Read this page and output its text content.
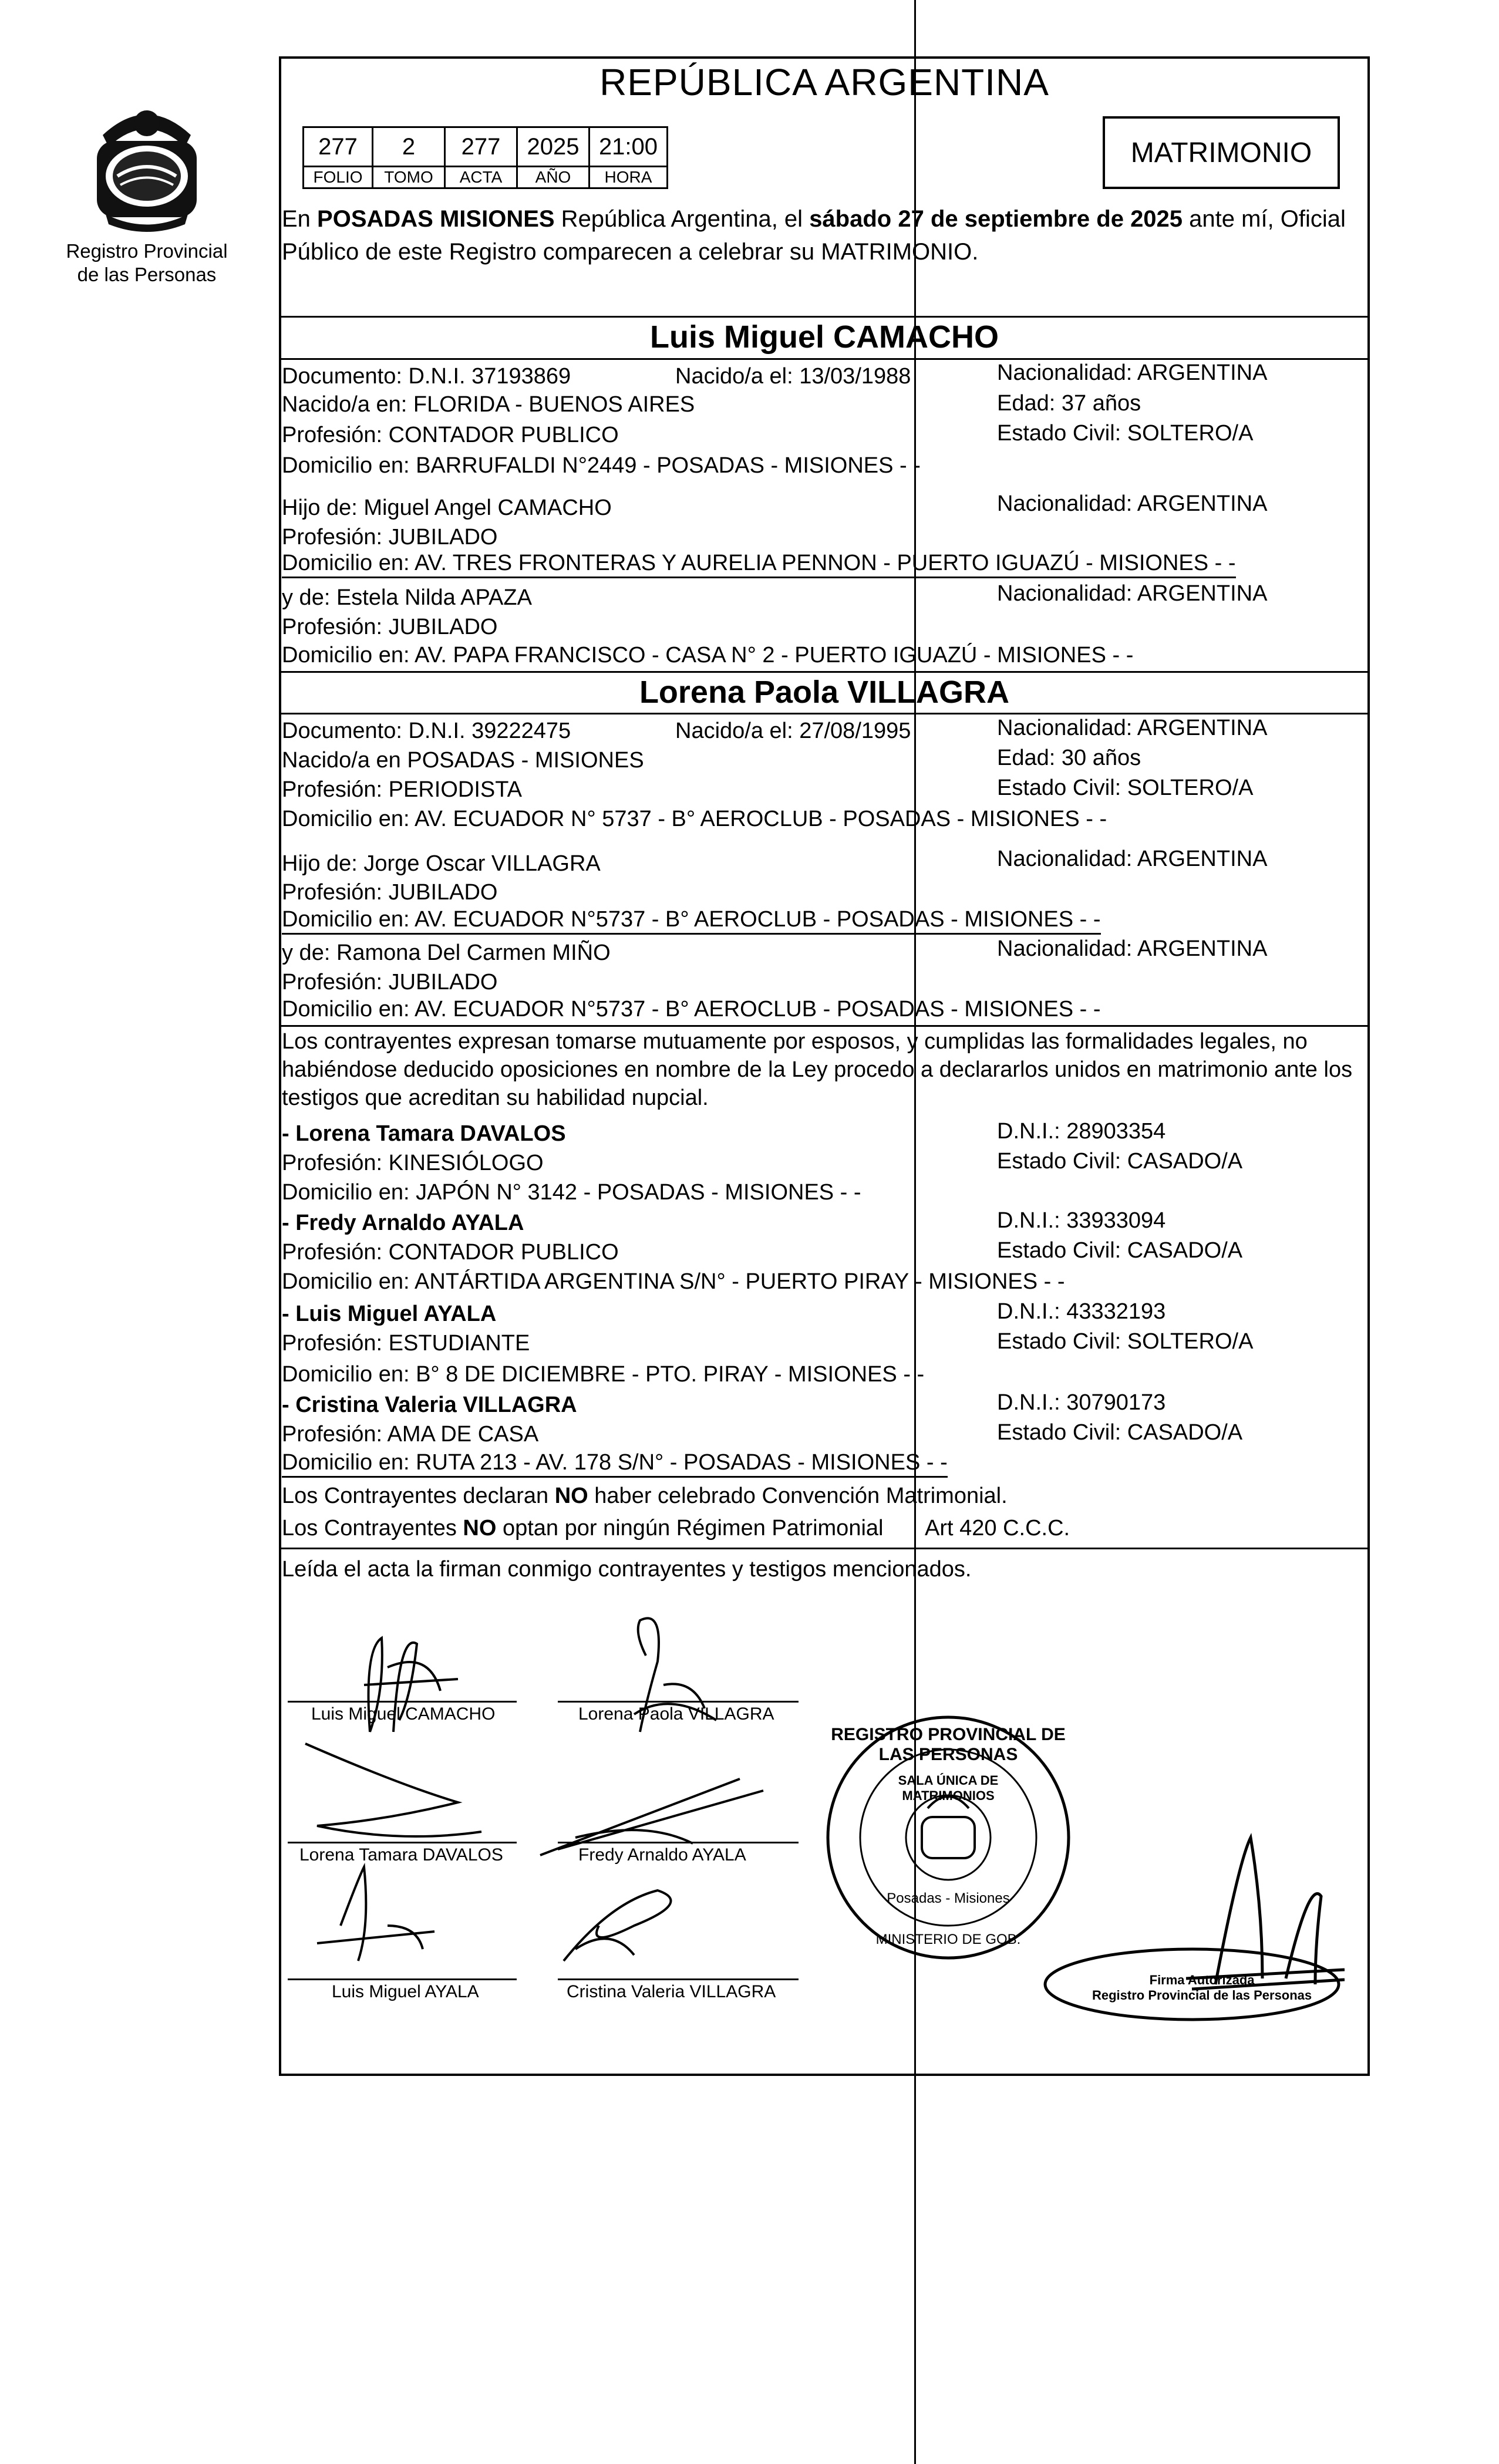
Registro Provincial
de las Personas
REPÚBLICA ARGENTINA
277	2	277	2025	21:00
FOLIO	TOMO	ACTA	AÑO	HORA
MATRIMONIO
En POSADAS MISIONES República Argentina, el sábado 27 de septiembre de 2025 ante mí, Oficial Público de este Registro comparecen a celebrar su MATRIMONIO.
Luis Miguel CAMACHO
Documento: D.N.I. 37193869	Nacido/a el: 13/03/1988	Nacionalidad: ARGENTINA
Nacido/a en: FLORIDA - BUENOS AIRES	Edad: 37 años
Profesión: CONTADOR PUBLICO	Estado Civil: SOLTERO/A
Domicilio en: BARRUFALDI N°2449 - POSADAS - MISIONES - -
Hijo de: Miguel Angel CAMACHO	Nacionalidad: ARGENTINA
Profesión: JUBILADO
Domicilio en: AV. TRES FRONTERAS Y AURELIA PENNON - PUERTO IGUAZÚ - MISIONES - -
y de: Estela Nilda APAZA	Nacionalidad: ARGENTINA
Profesión: JUBILADO
Domicilio en: AV. PAPA FRANCISCO - CASA N° 2 - PUERTO IGUAZÚ - MISIONES - -
Lorena Paola VILLAGRA
Documento: D.N.I. 39222475	Nacido/a el: 27/08/1995	Nacionalidad: ARGENTINA
Nacido/a en POSADAS - MISIONES	Edad: 30 años
Profesión: PERIODISTA	Estado Civil: SOLTERO/A
Domicilio en: AV. ECUADOR N° 5737 - B° AEROCLUB - POSADAS - MISIONES - -
Hijo de: Jorge Oscar VILLAGRA	Nacionalidad: ARGENTINA
Profesión: JUBILADO
Domicilio en: AV. ECUADOR N°5737 - B° AEROCLUB - POSADAS - MISIONES - -
y de: Ramona Del Carmen MIÑO	Nacionalidad: ARGENTINA
Profesión: JUBILADO
Domicilio en: AV. ECUADOR N°5737 - B° AEROCLUB - POSADAS - MISIONES - -
Los contrayentes expresan tomarse mutuamente por esposos, y cumplidas las formalidades legales, no habiéndose deducido oposiciones en nombre de la Ley procedo a declararlos unidos en matrimonio ante los testigos que acreditan su habilidad nupcial.
- Lorena Tamara DAVALOS	D.N.I.: 28903354
Profesión: KINESIÓLOGO	Estado Civil: CASADO/A
Domicilio en: JAPÓN N° 3142 - POSADAS - MISIONES - -
- Fredy Arnaldo AYALA	D.N.I.: 33933094
Profesión: CONTADOR PUBLICO	Estado Civil: CASADO/A
Domicilio en: ANTÁRTIDA ARGENTINA S/N° - PUERTO PIRAY - MISIONES - -
- Luis Miguel AYALA	D.N.I.: 43332193
Profesión: ESTUDIANTE	Estado Civil: SOLTERO/A
Domicilio en: B° 8 DE DICIEMBRE - PTO. PIRAY - MISIONES - -
- Cristina Valeria VILLAGRA	D.N.I.: 30790173
Profesión: AMA DE CASA	Estado Civil: CASADO/A
Domicilio en: RUTA 213 - AV. 178 S/N° - POSADAS - MISIONES - -
Los Contrayentes declaran NO haber celebrado Convención Matrimonial.
Los Contrayentes NO optan por ningún Régimen Patrimonial Art 420 C.C.C.
Leída el acta la firman conmigo contrayentes y testigos mencionados.
Luis Miguel CAMACHO	Lorena Paola VILLAGRA
Lorena Tamara DAVALOS	Fredy Arnaldo AYALA
Luis Miguel AYALA	Cristina Valeria VILLAGRA
REGISTRO PROVINCIAL DE LAS PERSONAS
SALA ÚNICA DE MATRIMONIOS
Posadas - Misiones
MINISTERIO DE GOB.
Firma Autorizada
Registro Provincial de las Personas
